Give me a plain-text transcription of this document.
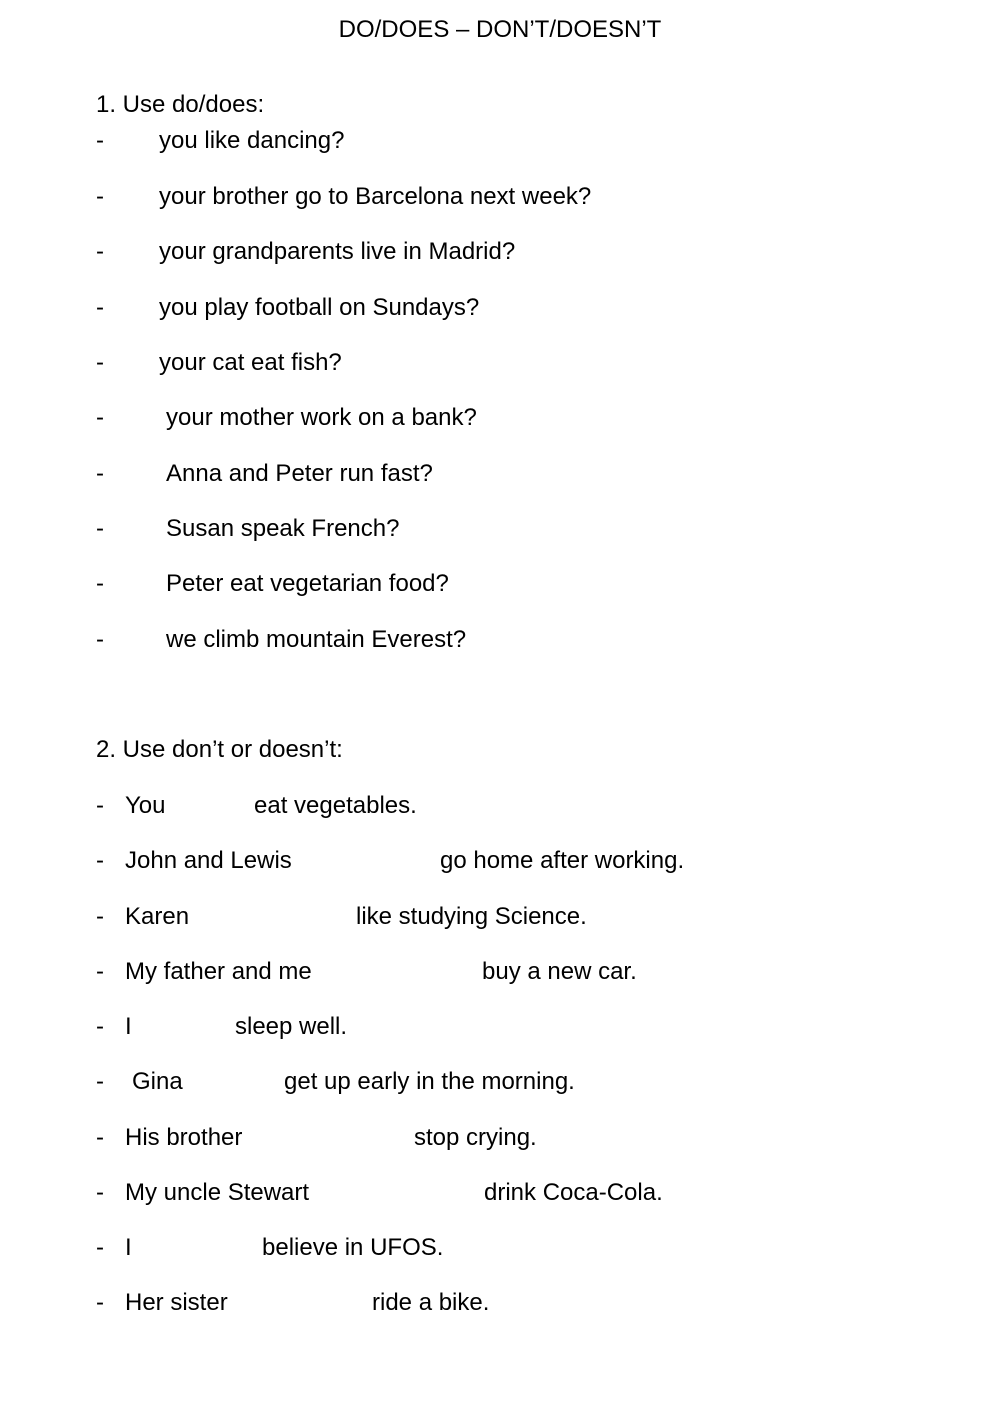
DO/DOES – DON’T/DOESN’T
1. Use do/does:
- you like dancing?
- your brother go to Barcelona next week?
- your grandparents live in Madrid?
- you play football on Sundays?
- your cat eat fish?
-	your mother work on a bank?
-	Anna and Peter run fast?
-	Susan speak French?
-	Peter eat vegetarian food?
-	we climb mountain Everest?
2. Use don’t or doesn’t:
- You	eat vegetables.
- John and Lewis	go home after working.
- Karen	like studying Science.
- My father and me	buy a new car.
- I	sleep well.
- Gina	get up early in the morning.
- His brother	stop crying.
- My uncle Stewart	drink Coca-Cola.
- I	believe in UFOS.
- Her sister	ride a bike.
